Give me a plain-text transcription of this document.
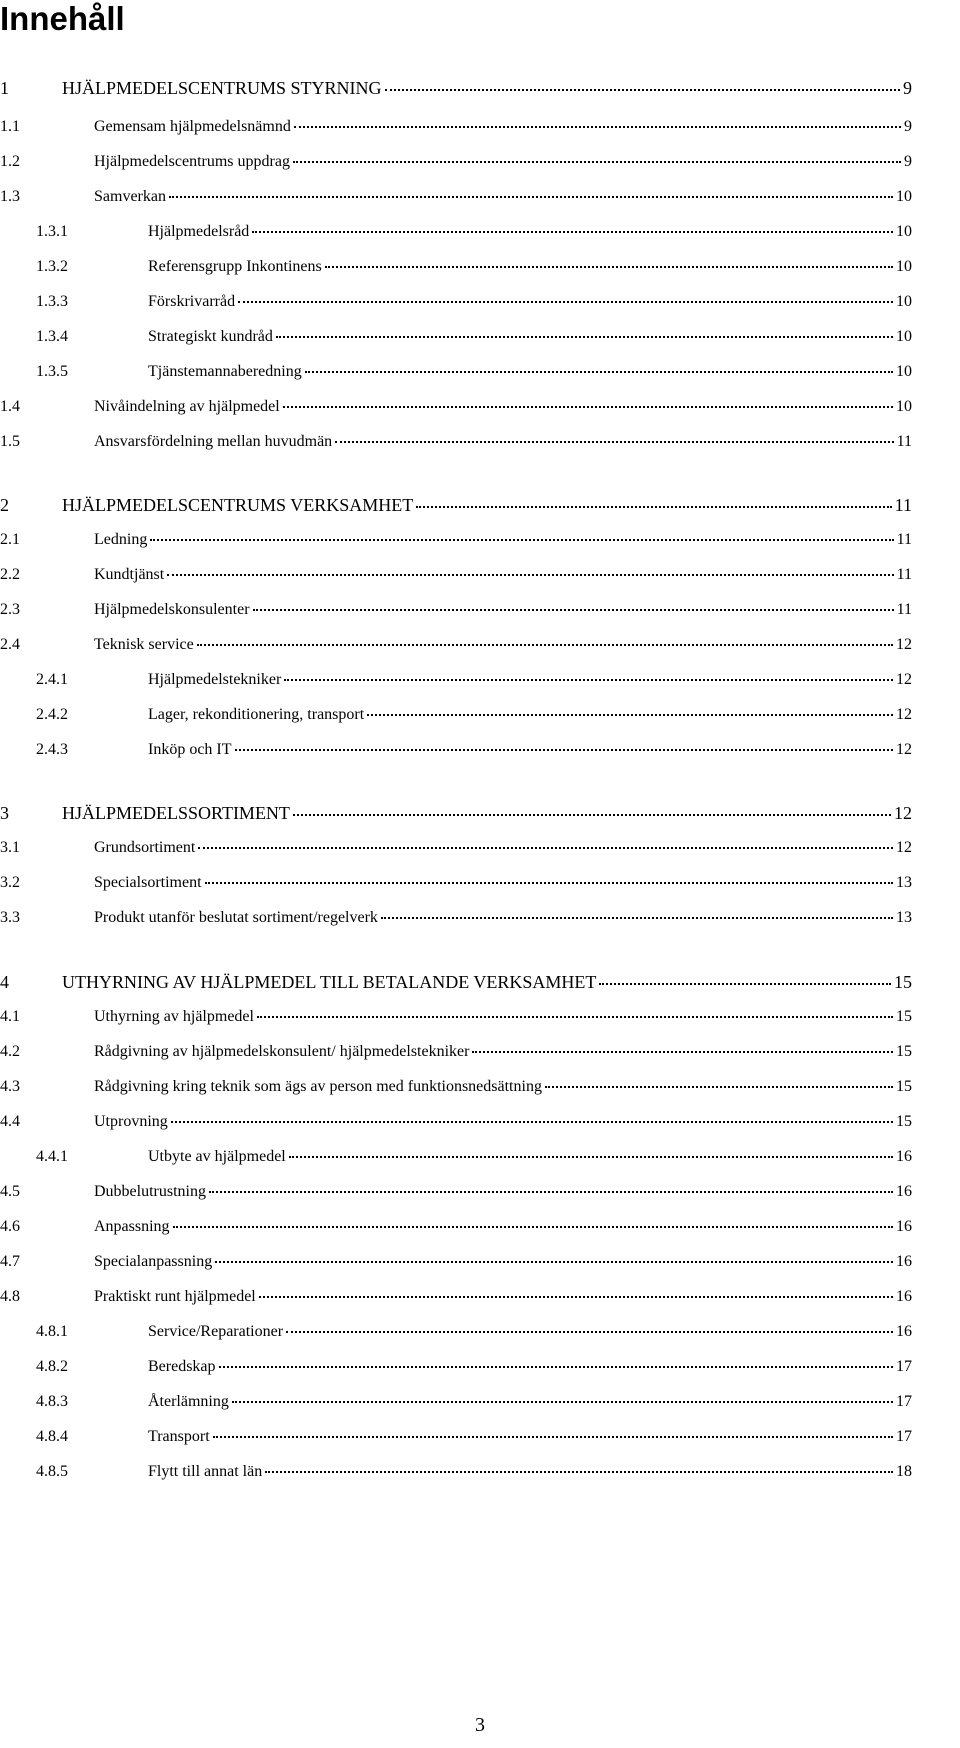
Innehåll
1	HJÄLPMEDELSCENTRUMS STYRNING	9
1.1	Gemensam hjälpmedelsnämnd	9
1.2	Hjälpmedelscentrums uppdrag	9
1.3	Samverkan	10
1.3.1	Hjälpmedelsråd	10
1.3.2	Referensgrupp Inkontinens	10
1.3.3	Förskrivarråd	10
1.3.4	Strategiskt kundråd	10
1.3.5	Tjänstemannaberedning	10
1.4	Nivåindelning av hjälpmedel	10
1.5	Ansvarsfördelning mellan huvudmän	11
2	HJÄLPMEDELSCENTRUMS VERKSAMHET	11
2.1	Ledning	11
2.2	Kundtjänst	11
2.3	Hjälpmedelskonsulenter	11
2.4	Teknisk service	12
2.4.1	Hjälpmedelstekniker	12
2.4.2	Lager, rekonditionering, transport	12
2.4.3	Inköp och IT	12
3	HJÄLPMEDELSSORTIMENT	12
3.1	Grundsortiment	12
3.2	Specialsortiment	13
3.3	Produkt utanför beslutat sortiment/regelverk	13
4	UTHYRNING AV HJÄLPMEDEL TILL BETALANDE VERKSAMHET	15
4.1	Uthyrning av hjälpmedel	15
4.2	Rådgivning av hjälpmedelskonsulent/ hjälpmedelstekniker	15
4.3	Rådgivning kring teknik som ägs av person med funktionsnedsättning	15
4.4	Utprovning	15
4.4.1	Utbyte av hjälpmedel	16
4.5	Dubbelutrustning	16
4.6	Anpassning	16
4.7	Specialanpassning	16
4.8	Praktiskt runt hjälpmedel	16
4.8.1	Service/Reparationer	16
4.8.2	Beredskap	17
4.8.3	Återlämning	17
4.8.4	Transport	17
4.8.5	Flytt till annat län	18
3
